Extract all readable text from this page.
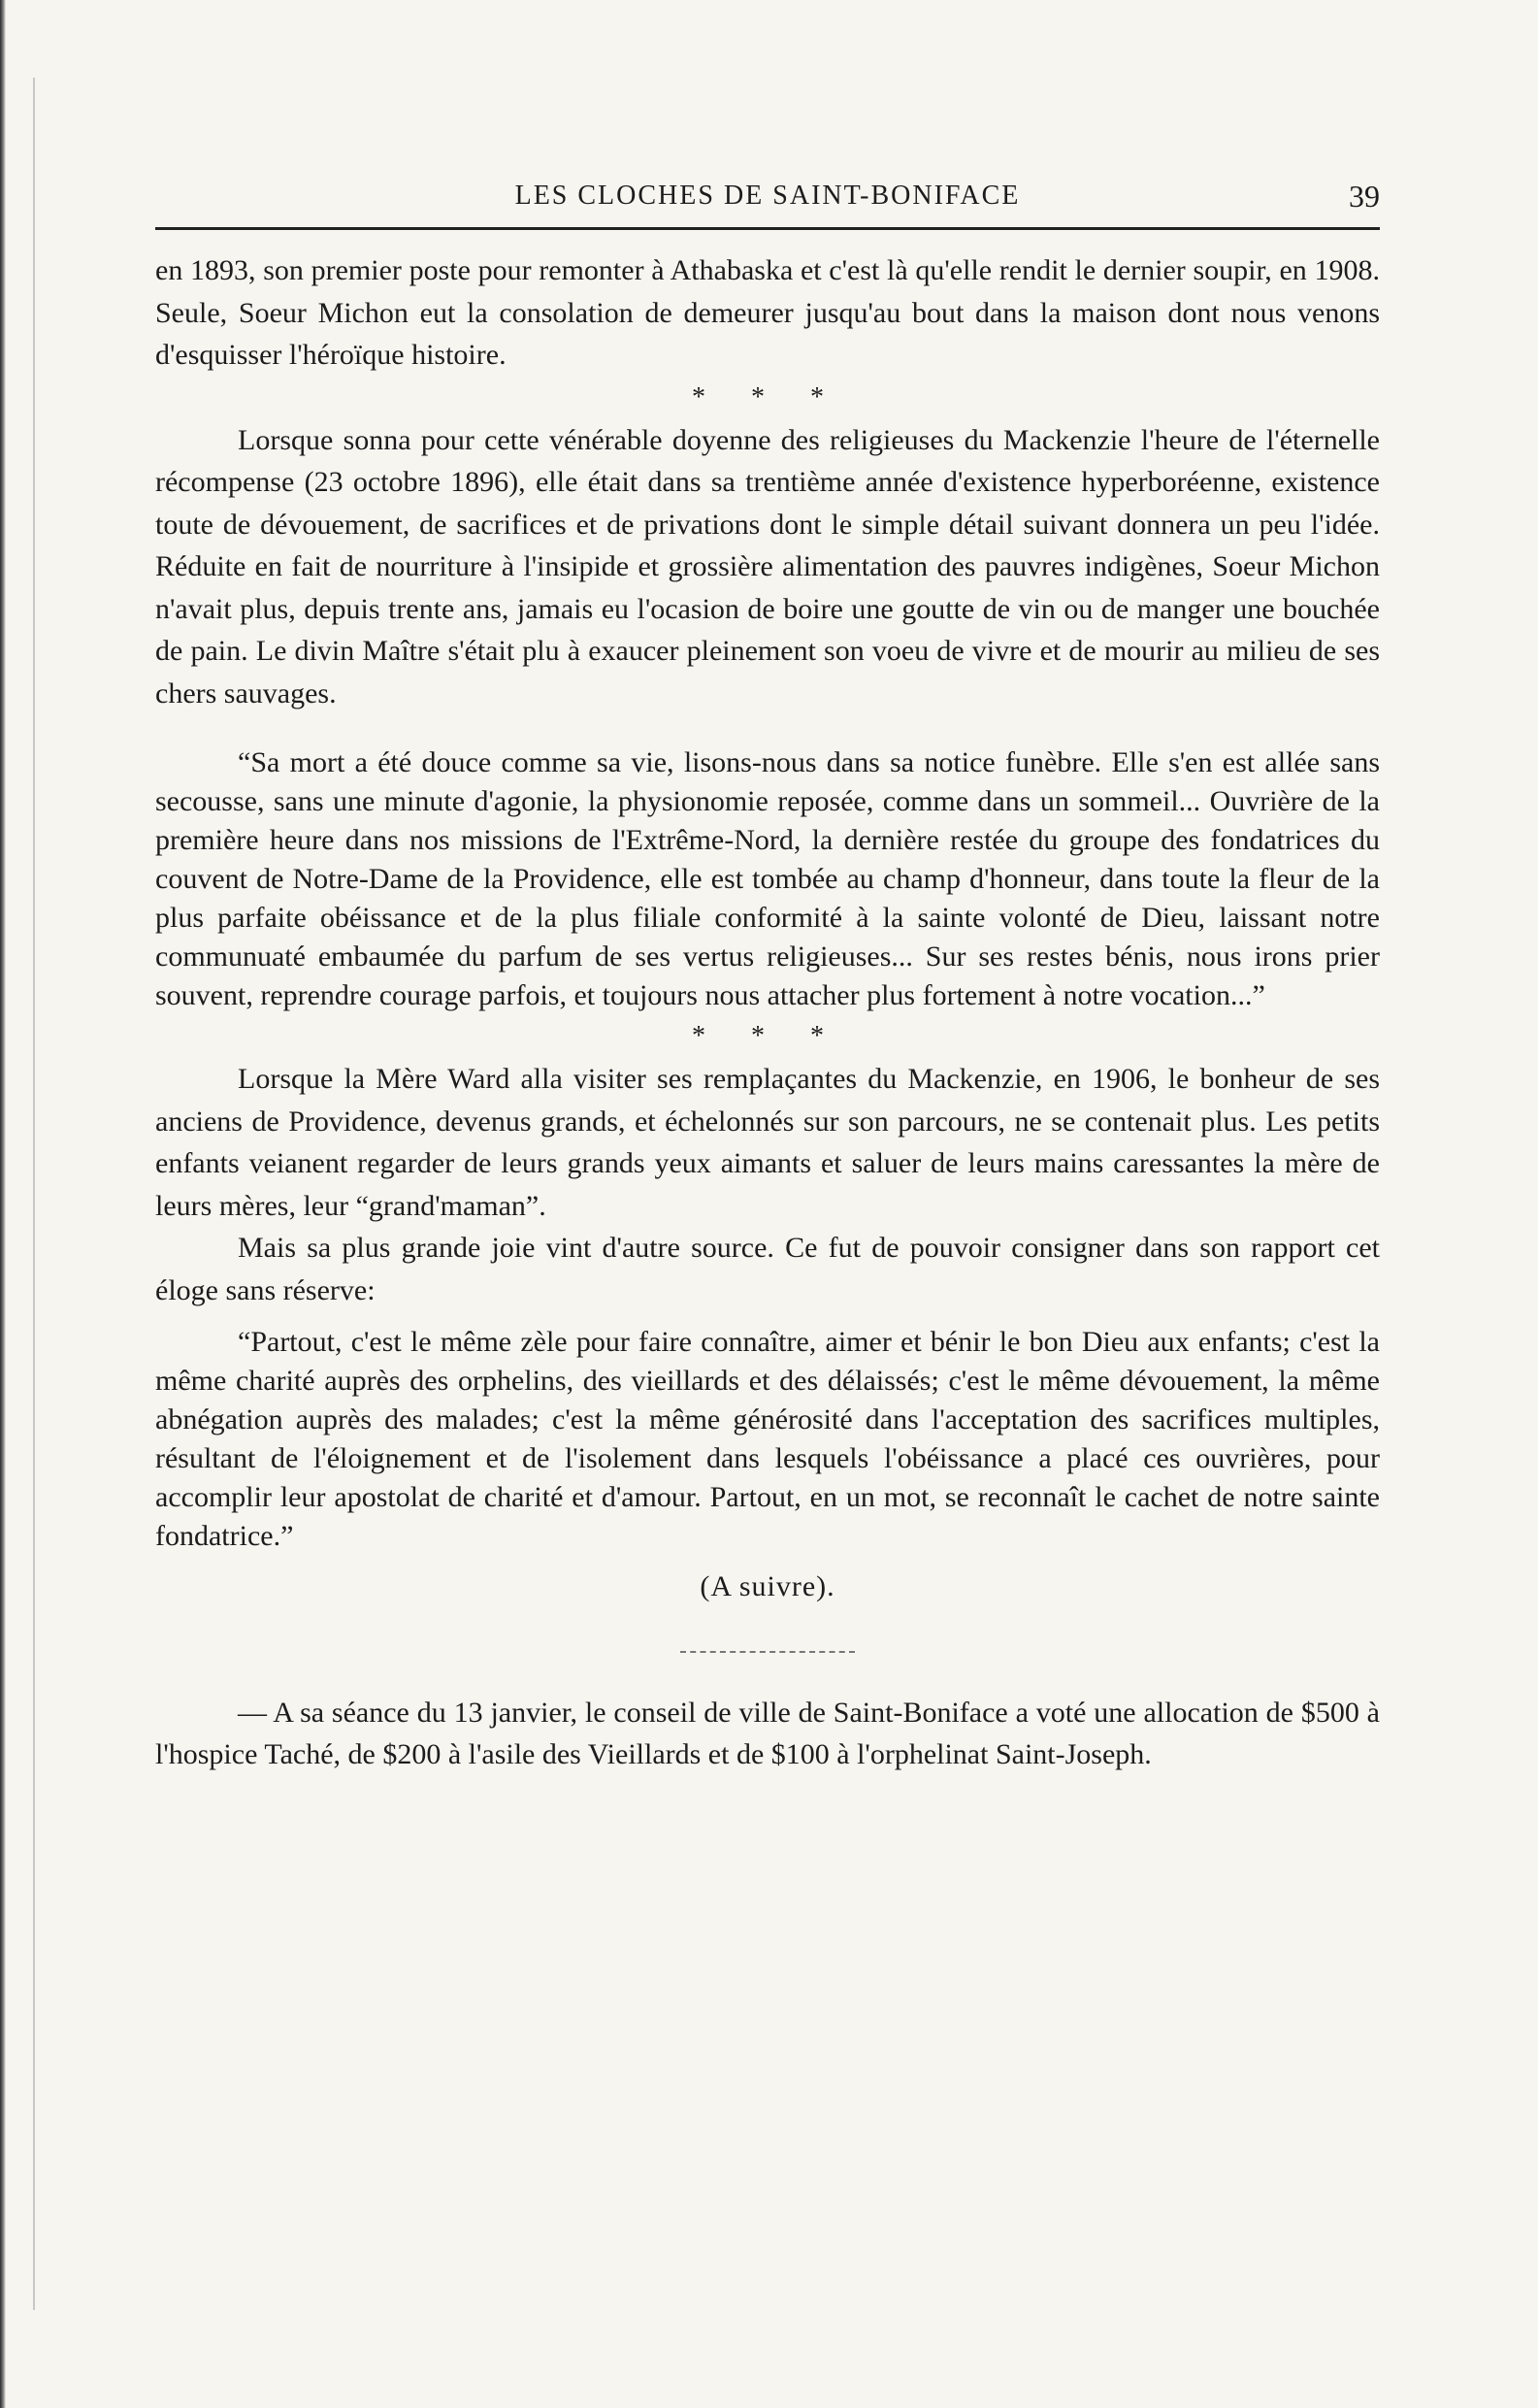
LES CLOCHES DE SAINT-BONIFACE	39

en 1893, son premier poste pour remonter à Athabaska et c'est là qu'elle rendit le dernier soupir, en 1908. Seule, Soeur Michon eut la consolation de demeurer jusqu'au bout dans la maison dont nous venons d'esquisser l'héroïque histoire.

* * *

Lorsque sonna pour cette vénérable doyenne des religieuses du Mackenzie l'heure de l'éternelle récompense (23 octobre 1896), elle était dans sa trentième année d'existence hyperboréenne, existence toute de dévouement, de sacrifices et de privations dont le simple détail suivant donnera un peu l'idée. Réduite en fait de nourriture à l'insipide et grossière alimentation des pauvres indigènes, Soeur Michon n'avait plus, depuis trente ans, jamais eu l'ocasion de boire une goutte de vin ou de manger une bouchée de pain. Le divin Maître s'était plu à exaucer pleinement son voeu de vivre et de mourir au milieu de ses chers sauvages.

“Sa mort a été douce comme sa vie, lisons-nous dans sa notice funèbre. Elle s'en est allée sans secousse, sans une minute d'agonie, la physionomie reposée, comme dans un sommeil... Ouvrière de la première heure dans nos missions de l'Extrême-Nord, la dernière restée du groupe des fondatrices du couvent de Notre-Dame de la Providence, elle est tombée au champ d'honneur, dans toute la fleur de la plus parfaite obéissance et de la plus filiale conformité à la sainte volonté de Dieu, laissant notre communuaté embaumée du parfum de ses vertus religieuses... Sur ses restes bénis, nous irons prier souvent, reprendre courage parfois, et toujours nous attacher plus fortement à notre vocation...”

* * *

Lorsque la Mère Ward alla visiter ses remplaçantes du Mackenzie, en 1906, le bonheur de ses anciens de Providence, devenus grands, et échelonnés sur son parcours, ne se contenait plus. Les petits enfants veianent regarder de leurs grands yeux aimants et saluer de leurs mains caressantes la mère de leurs mères, leur “grand'maman”.

Mais sa plus grande joie vint d'autre source. Ce fut de pouvoir consigner dans son rapport cet éloge sans réserve:

“Partout, c'est le même zèle pour faire connaître, aimer et bénir le bon Dieu aux enfants; c'est la même charité auprès des orphelins, des vieillards et des délaissés; c'est le même dévouement, la même abnégation auprès des malades; c'est la même générosité dans l'acceptation des sacrifices multiples, résultant de l'éloignement et de l'isolement dans lesquels l'obéissance a placé ces ouvrières, pour accomplir leur apostolat de charité et d'amour. Partout, en un mot, se reconnaît le cachet de notre sainte fondatrice.”

(A suivre).

— A sa séance du 13 janvier, le conseil de ville de Saint-Boniface a voté une allocation de $500 à l'hospice Taché, de $200 à l'asile des Vieillards et de $100 à l'orphelinat Saint-Joseph.
